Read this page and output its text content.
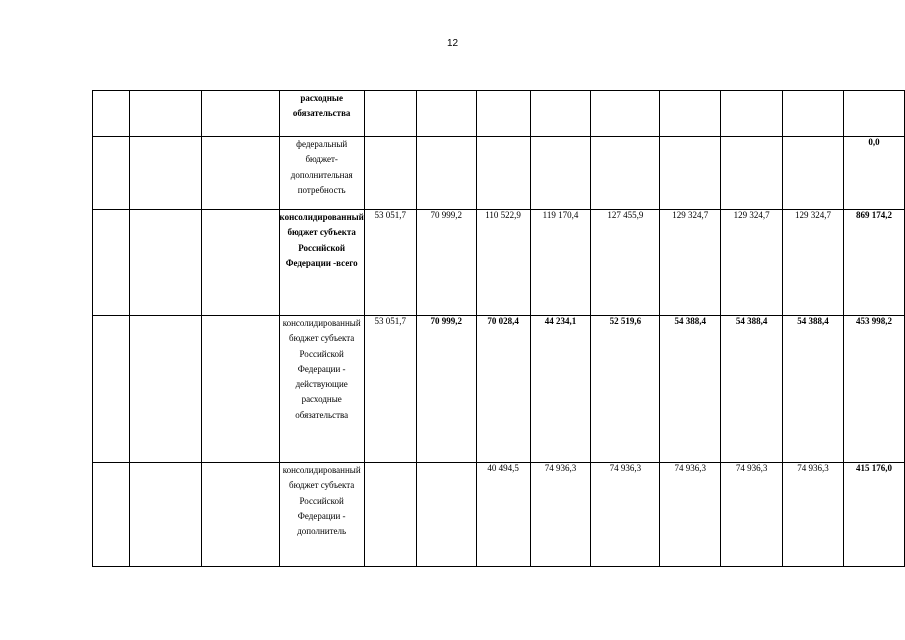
12
			расходные обязательства									
			федеральный бюджет-дополнительная потребность									0,0
			консолидированный бюджет субъекта Российской Федерации -всего	53 051,7	70 999,2	110 522,9	119 170,4	127 455,9	129 324,7	129 324,7	129 324,7	869 174,2
			консолидированный бюджет субъекта Российской Федерации - действующие расходные обязательства	53 051,7	70 999,2	70 028,4	44 234,1	52 519,6	54 388,4	54 388,4	54 388,4	453 998,2
			консолидированный бюджет субъекта Российской Федерации - дополнитель			40 494,5	74 936,3	74 936,3	74 936,3	74 936,3	74 936,3	415 176,0
